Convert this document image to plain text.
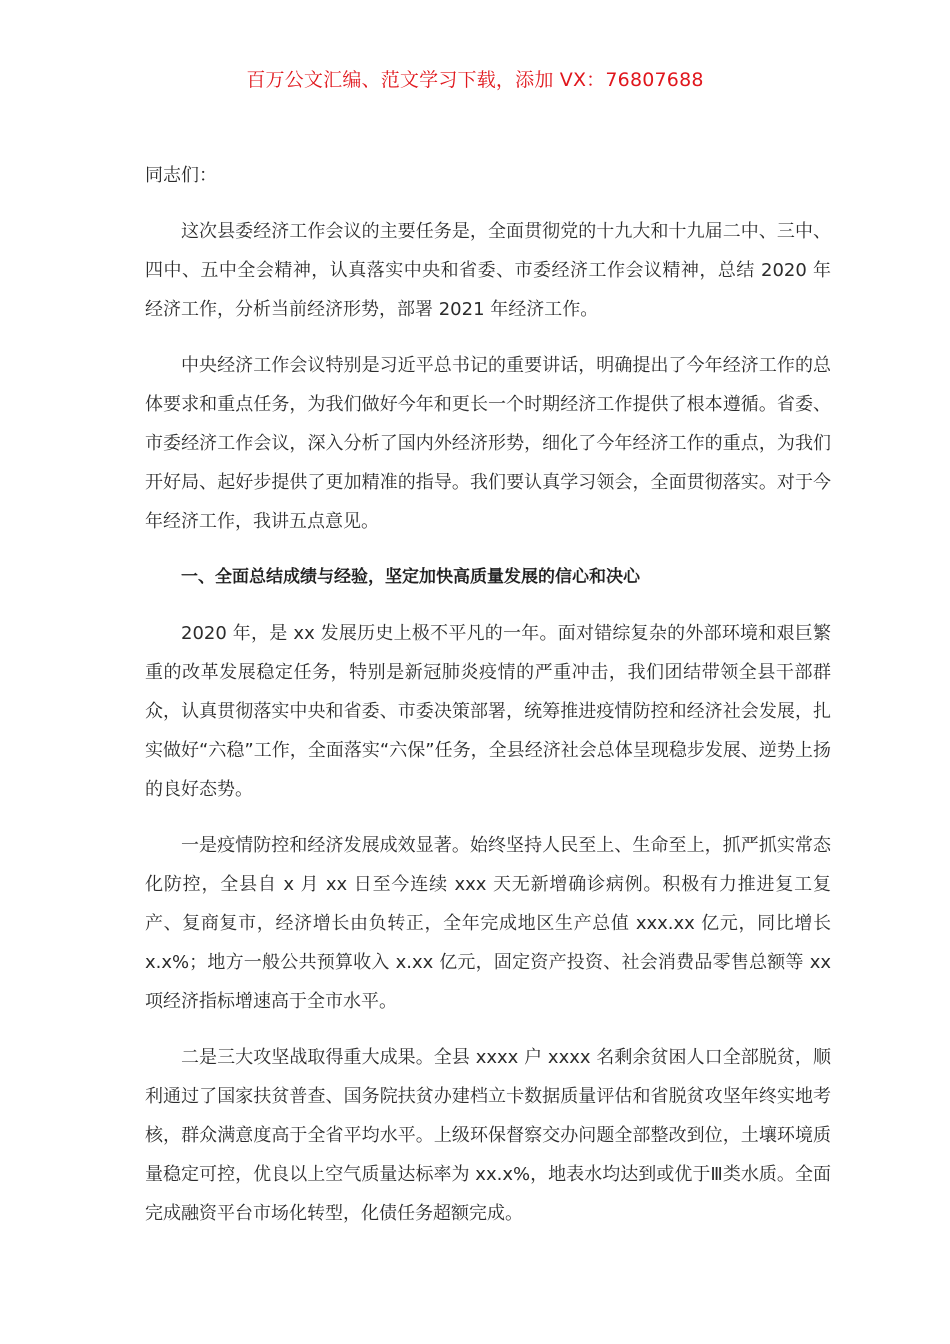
百万公文汇编、范文学习下载，添加 VX：76807688

同志们：

这次县委经济工作会议的主要任务是，全面贯彻党的十九大和十九届二中、三中、四中、五中全会精神，认真落实中央和省委、市委经济工作会议精神，总结 2020 年经济工作，分析当前经济形势，部署 2021 年经济工作。

中央经济工作会议特别是习近平总书记的重要讲话，明确提出了今年经济工作的总体要求和重点任务，为我们做好今年和更长一个时期经济工作提供了根本遵循。省委、市委经济工作会议，深入分析了国内外经济形势，细化了今年经济工作的重点，为我们开好局、起好步提供了更加精准的指导。我们要认真学习领会，全面贯彻落实。对于今年经济工作，我讲五点意见。

一、全面总结成绩与经验，坚定加快高质量发展的信心和决心

2020 年，是 xx 发展历史上极不平凡的一年。面对错综复杂的外部环境和艰巨繁重的改革发展稳定任务，特别是新冠肺炎疫情的严重冲击，我们团结带领全县干部群众，认真贯彻落实中央和省委、市委决策部署，统筹推进疫情防控和经济社会发展，扎实做好“六稳”工作，全面落实“六保”任务，全县经济社会总体呈现稳步发展、逆势上扬的良好态势。

一是疫情防控和经济发展成效显著。始终坚持人民至上、生命至上，抓严抓实常态化防控，全县自 x 月 xx 日至今连续 xxx 天无新增确诊病例。积极有力推进复工复产、复商复市，经济增长由负转正，全年完成地区生产总值 xxx.xx 亿元，同比增长 x.x%；地方一般公共预算收入 x.xx 亿元，固定资产投资、社会消费品零售总额等 xx 项经济指标增速高于全市水平。

二是三大攻坚战取得重大成果。全县 xxxx 户 xxxx 名剩余贫困人口全部脱贫，顺利通过了国家扶贫普查、国务院扶贫办建档立卡数据质量评估和省脱贫攻坚年终实地考核，群众满意度高于全省平均水平。上级环保督察交办问题全部整改到位，土壤环境质量稳定可控，优良以上空气质量达标率为 xx.x%，地表水均达到或优于Ⅲ类水质。全面完成融资平台市场化转型，化债任务超额完成。
